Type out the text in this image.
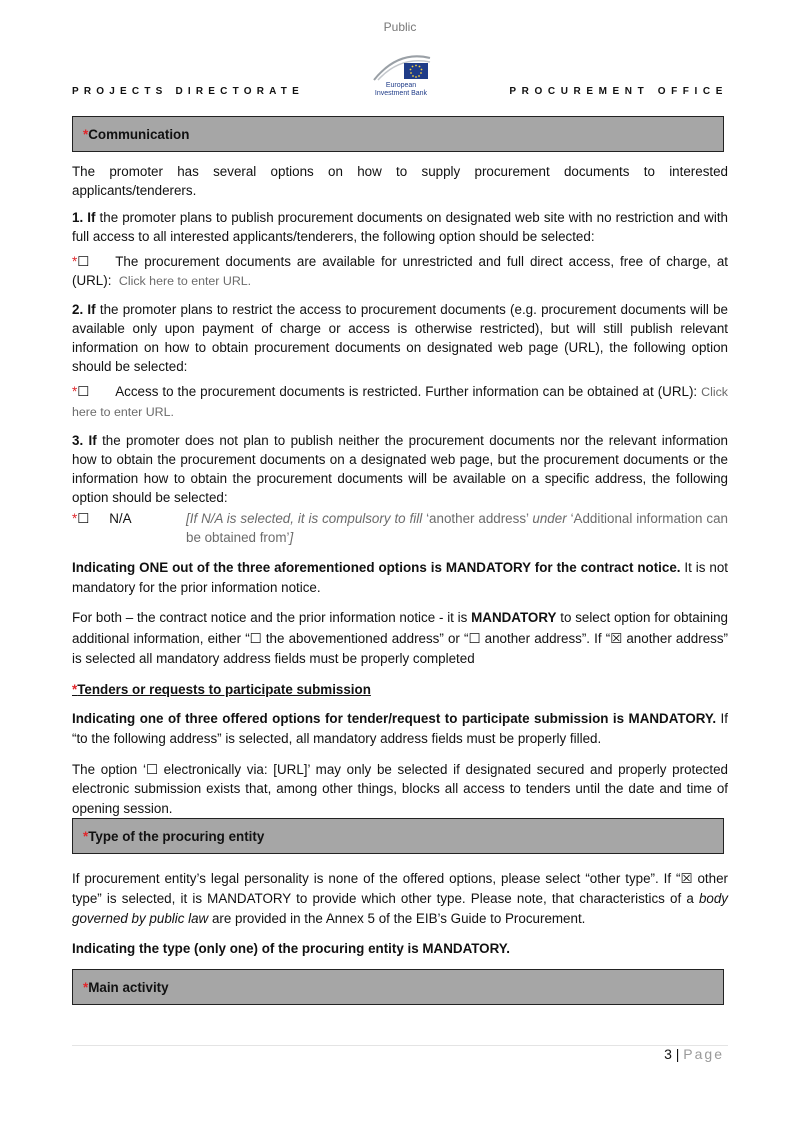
Public
PROJECTS DIRECTORATE	PROCUREMENT OFFICE
European
Investment Bank
*Communication

The promoter has several options on how to supply procurement documents to interested applicants/tenderers.

1. If the promoter plans to publish procurement documents on designated web site with no restriction and with full access to all interested applicants/tenderers, the following option should be selected:

*☐ The procurement documents are available for unrestricted and full direct access, free of charge, at (URL): Click here to enter URL.

2. If the promoter plans to restrict the access to procurement documents (e.g. procurement documents will be available only upon payment of charge or access is otherwise restricted), but will still publish relevant information on how to obtain procurement documents on designated web page (URL), the following option should be selected:

*☐ Access to the procurement documents is restricted. Further information can be obtained at (URL): Click here to enter URL.

3. If the promoter does not plan to publish neither the procurement documents nor the relevant information how to obtain the procurement documents on a designated web page, but the procurement documents or the information how to obtain the procurement documents will be available on a specific address, the following option should be selected:

*☐ N/A	[If N/A is selected, it is compulsory to fill ‘another address’ under ‘Additional information can be obtained from’]

Indicating ONE out of the three aforementioned options is MANDATORY for the contract notice. It is not mandatory for the prior information notice.

For both – the contract notice and the prior information notice - it is MANDATORY to select option for obtaining additional information, either “☐ the abovementioned address” or “☐ another address”. If “☒ another address” is selected all mandatory address fields must be properly completed

*Tenders or requests to participate submission

Indicating one of three offered options for tender/request to participate submission is MANDATORY. If “to the following address” is selected, all mandatory address fields must be properly filled.

The option ‘☐ electronically via: [URL]’ may only be selected if designated secured and properly protected electronic submission exists that, among other things, blocks all access to tenders until the date and time of opening session.

*Type of the procuring entity

If procurement entity’s legal personality is none of the offered options, please select “other type”. If “☒ other type” is selected, it is MANDATORY to provide which other type. Please note, that characteristics of a body governed by public law are provided in the Annex 5 of the EIB’s Guide to Procurement.

Indicating the type (only one) of the procuring entity is MANDATORY.

*Main activity
3 | Page
